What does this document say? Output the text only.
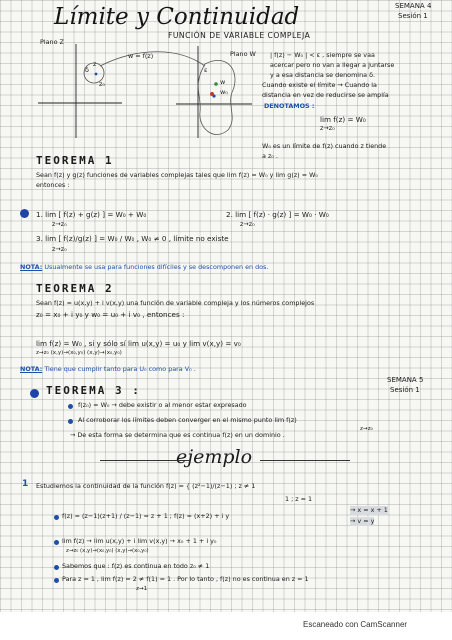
Límite y Continuidad	SEMANA 4
Sesión 1
FUNCIÓN DE VARIABLE COMPLEJA
Plano Z
Plano W
w = f(z)
z
z₀
δ	ε
w
w₀
| f(z) − W₀ | < ε , siempre se vaa
acercar pero no van a llegar a juntarse
y a esa distancia se denomina δ.
Cuando existe el límite → Cuando la
distancia en vez de reducirse se amplía
DENOTAMOS :
lim f(z) = W₀
z→z₀
W₀ es un límite de f(z) cuando z tiende
a z₀ .
TEOREMA 1
Sean f(z) y g(z) funciones de variables complejas tales que lim f(z) = W₀ y lim g(z) = W₀
entonces :
1. lim [ f(z) + g(z) ] = W₀ + W₀	2. lim [ f(z) · g(z) ] = W₀ · W₀
z→z₀	z→z₀
3. lim [ f(z)/g(z) ] = W₀ / W₀ , W₀ ≠ 0 , límite no existe
z→z₀
NOTA: Usualmente se usa para funciones difíciles y se descomponen en dos.
TEOREMA 2
Sean f(z) = u(x,y) + i v(x,y) una función de variable compleja y los números complejos
z₀ = x₀ + i y₀ y w₀ = u₀ + i v₀ , entonces :
lim f(z) = W₀ , si y sólo sí lim u(x,y) = u₀ y lim v(x,y) = v₀
z→z₀ (x,y)→(x₀,y₀) (x,y)→(x₀,y₀)
NOTA: Tiene que cumplir tanto para U₀ como para V₀ .
TEOREMA 3 :
SEMANA 5
Sesión 1
f(z₀) = W₀ → debe existir o al menor estar expresado
Al corroborar los límites deben converger en el mismo punto lim f(z)
z→z₀
→ De esta forma se determina que es continua f(z) en un dominio .
ejemplo
1 Estudiemos la continuidad de la función f(z) = { (z²−1)/(z−1) ; z ≠ 1
1 ; z = 1
f(z) = (z−1)(z+1) / (z−1) = z + 1 ; f(z) = (x+2) + i y
→ x = x + 1
→ v = y
lim f(z) → lim u(x,y) + i lim v(x,y) → x₀ + 1 + i y₀
z→z₀ (x,y)→(x₀,y₀) (x,y)→(x₀,y₀)
Sabemos que : f(z) es continua en todo z₀ ≠ 1
Para z = 1 , lim f(z) = 2 ≠ f(1) = 1 . Por lo tanto , f(z) no es continua en z = 1
z→1
Escaneado con CamScanner
